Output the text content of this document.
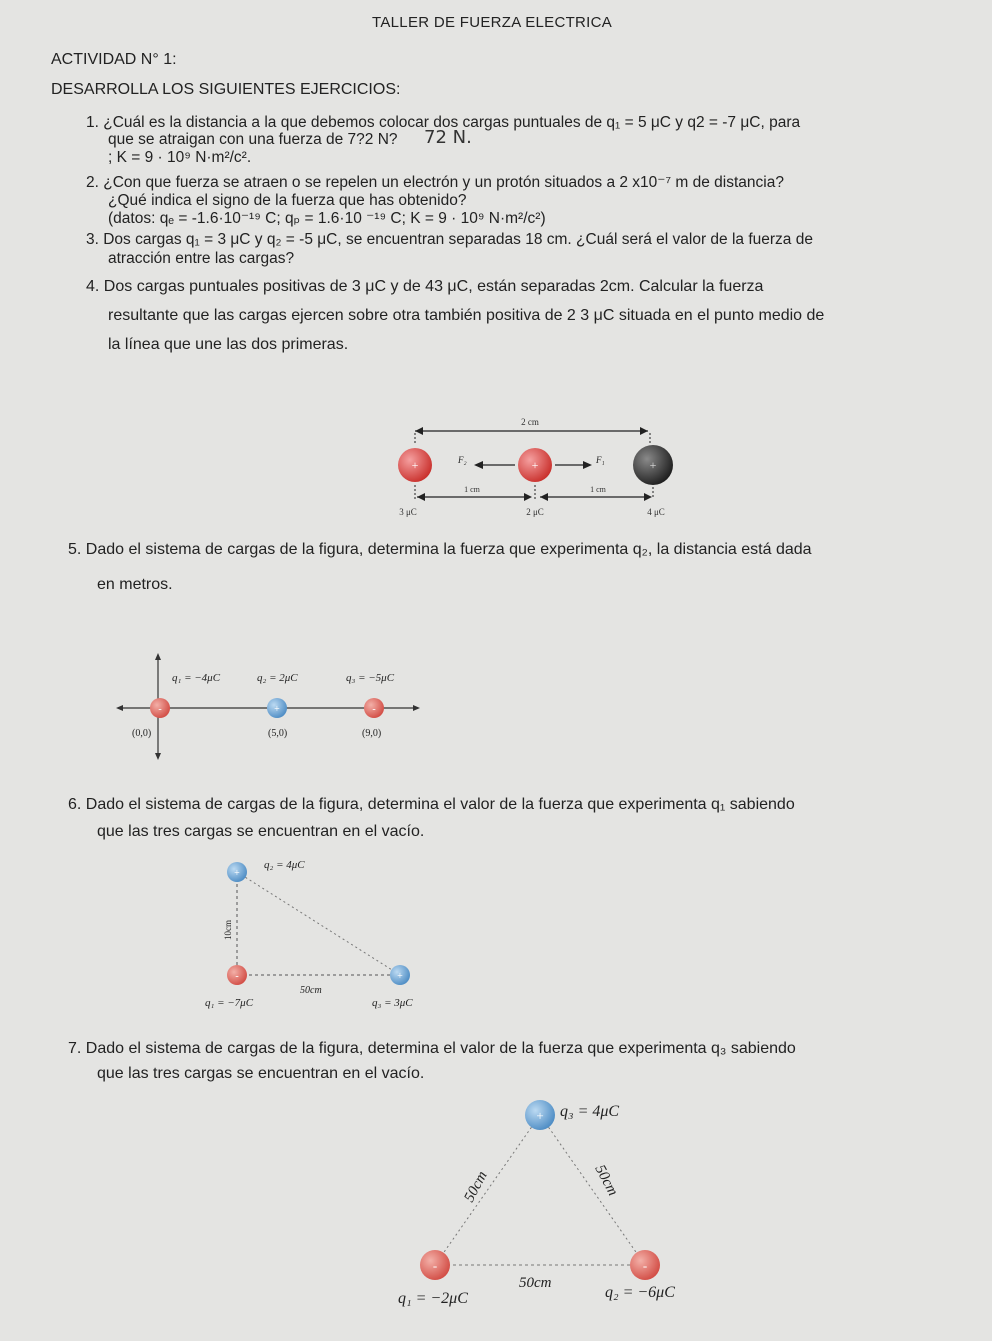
TALLER DE FUERZA ELECTRICA
ACTIVIDAD N° 1:
DESARROLLA LOS SIGUIENTES EJERCICIOS:
1. ¿Cuál es la distancia a la que debemos colocar dos cargas puntuales de q₁ = 5 μC y q2 = -7 μC, para
que se atraigan con una fuerza de 7?2 N? 72 N.
; K = 9 · 10⁹ N·m²/c².
2. ¿Con que fuerza se atraen o se repelen un electrón y un protón situados a 2 x10⁻⁷ m de distancia?
¿Qué indica el signo de la fuerza que has obtenido?
(datos: qₑ = -1.6·10⁻¹⁹ C; qₚ = 1.6·10 ⁻¹⁹ C; K = 9 · 10⁹ N·m²/c²)
3. Dos cargas q₁ = 3 μC y q₂ = -5 μC, se encuentran separadas 18 cm. ¿Cuál será el valor de la fuerza de
atracción entre las cargas?
4. Dos cargas puntuales positivas de 3 μC y de 43 μC, están separadas 2cm. Calcular la fuerza
resultante que las cargas ejercen sobre otra también positiva de 2 3 μC situada en el punto medio de
la línea que une las dos primeras.
2 cm
+	+	+
F₂	F₁
1 cm	1 cm
3 μC	2 μC	4 μC
5. Dado el sistema de cargas de la figura, determina la fuerza que experimenta q₂, la distancia está dada
en metros.
q₁ = −4μC	q₂ = 2μC	q₃ = −5μC
-	+	-
(0,0)	(5,0)	(9,0)
6. Dado el sistema de cargas de la figura, determina el valor de la fuerza que experimenta q₁ sabiendo
que las tres cargas se encuentran en el vacío.
+
-	+
q₂ = 4μC
10cm
50cm
q₁ = −7μC	q₃ = 3μC
7. Dado el sistema de cargas de la figura, determina el valor de la fuerza que experimenta q₃ sabiendo
que las tres cargas se encuentran en el vacío.
+
-	-
q₃ = 4μC
50cm	50cm
50cm
q₁ = −2μC	q₂ = −6μC
